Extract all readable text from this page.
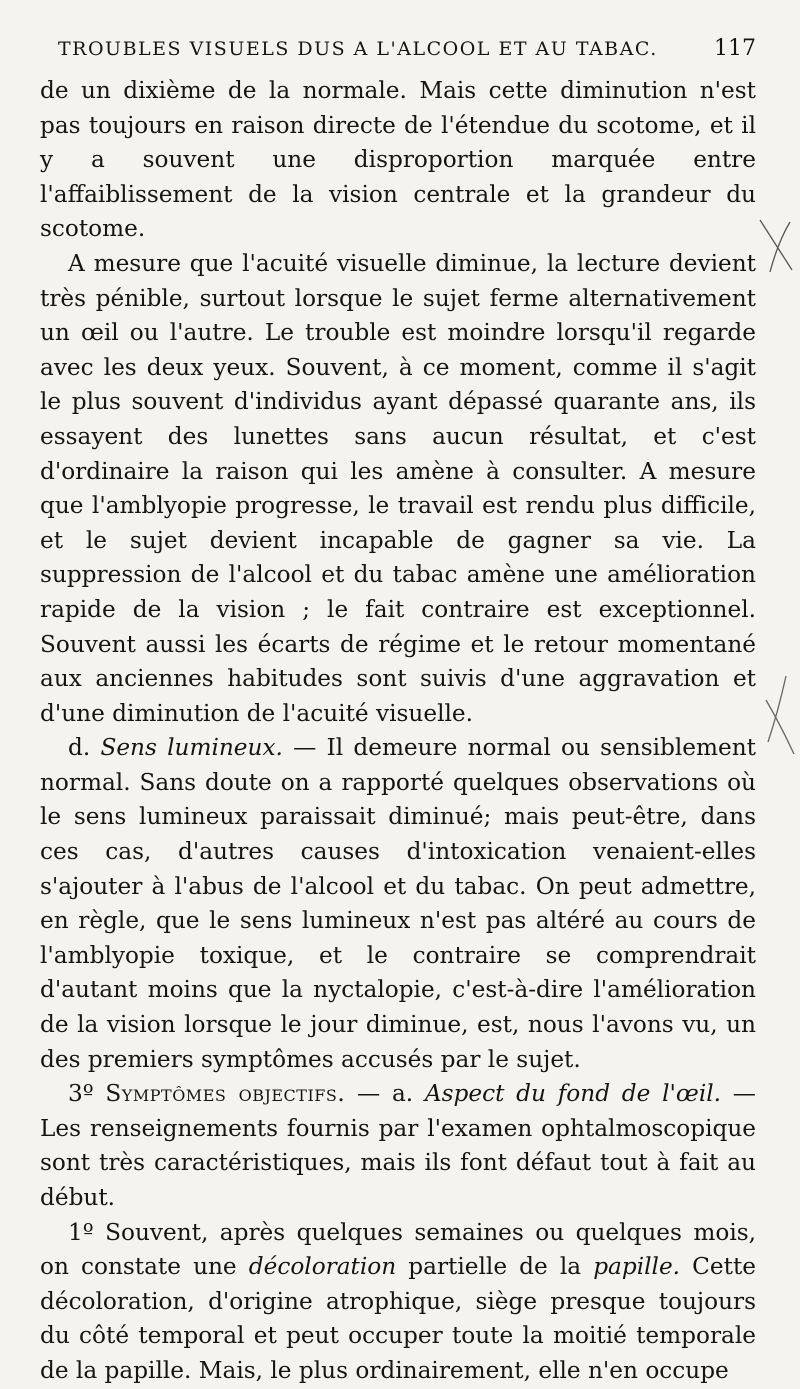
TROUBLES VISUELS DUS A L'ALCOOL ET AU TABAC.	117

de un dixième de la normale. Mais cette diminution n'est pas toujours en raison directe de l'étendue du scotome, et il y a souvent une disproportion marquée entre l'affaiblissement de la vision centrale et la grandeur du scotome.

A mesure que l'acuité visuelle diminue, la lecture devient très pénible, surtout lorsque le sujet ferme alternativement un œil ou l'autre. Le trouble est moindre lorsqu'il regarde avec les deux yeux. Souvent, à ce moment, comme il s'agit le plus souvent d'individus ayant dépassé quarante ans, ils essayent des lunettes sans aucun résultat, et c'est d'ordinaire la raison qui les amène à consulter. A mesure que l'amblyopie progresse, le travail est rendu plus difficile, et le sujet devient incapable de gagner sa vie. La suppression de l'alcool et du tabac amène une amélioration rapide de la vision ; le fait contraire est exceptionnel. Souvent aussi les écarts de régime et le retour momentané aux anciennes habitudes sont suivis d'une aggravation et d'une diminution de l'acuité visuelle.

d. Sens lumineux. — Il demeure normal ou sensiblement normal. Sans doute on a rapporté quelques observations où le sens lumineux paraissait diminué; mais peut-être, dans ces cas, d'autres causes d'intoxication venaient-elles s'ajouter à l'abus de l'alcool et du tabac. On peut admettre, en règle, que le sens lumineux n'est pas altéré au cours de l'amblyopie toxique, et le contraire se comprendrait d'autant moins que la nyctalopie, c'est-à-dire l'amélioration de la vision lorsque le jour diminue, est, nous l'avons vu, un des premiers symptômes accusés par le sujet.

3º Symptômes objectifs. — a. Aspect du fond de l'œil. — Les renseignements fournis par l'examen ophtalmoscopique sont très caractéristiques, mais ils font défaut tout à fait au début.

1º Souvent, après quelques semaines ou quelques mois, on constate une décoloration partielle de la papille. Cette décoloration, d'origine atrophique, siège presque toujours du côté temporal et peut occuper toute la moitié temporale de la papille. Mais, le plus ordinairement, elle n'en occupe
